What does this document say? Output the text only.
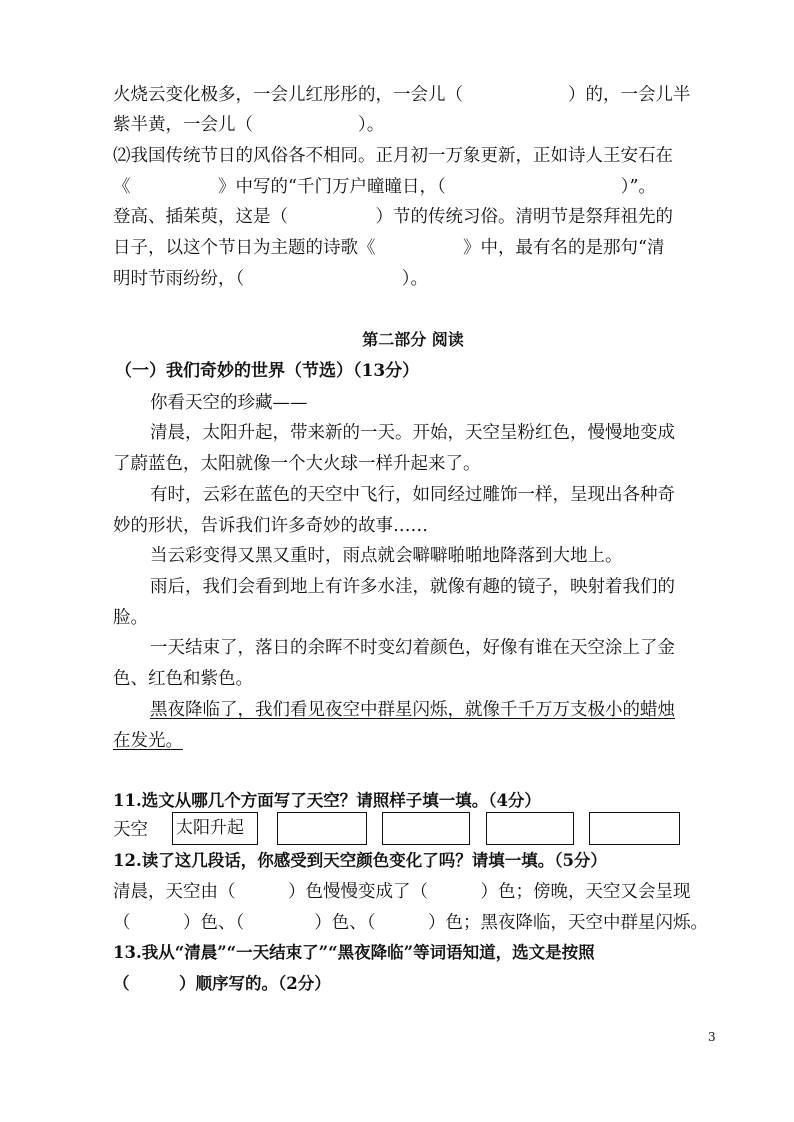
火烧云变化极多，一会儿红彤彤的，一会儿（　　　　　　）的，一会儿半
紫半黄，一会儿（　　　　　　）。
⑵我国传统节日的风俗各不相同。正月初一万象更新，正如诗人王安石在
《　　　　　》中写的“千门万户曈曈日，（　　　　　　　　　　）”。
登高、插茱萸，这是（　　　　　）节的传统习俗。清明节是祭拜祖先的
日子，以这个节日为主题的诗歌《　　　　　》中，最有名的是那句“清
明时节雨纷纷，（　　　　　　　　　）。
第二部分 阅读
（一）我们奇妙的世界（节选）（13分）
你看天空的珍藏——
清晨，太阳升起，带来新的一天。开始，天空呈粉红色，慢慢地变成
了蔚蓝色，太阳就像一个大火球一样升起来了。
有时，云彩在蓝色的天空中飞行，如同经过雕饰一样，呈现出各种奇
妙的形状，告诉我们许多奇妙的故事……
当云彩变得又黑又重时，雨点就会噼噼啪啪地降落到大地上。
雨后，我们会看到地上有许多水洼，就像有趣的镜子，映射着我们的
脸。
一天结束了，落日的余晖不时变幻着颜色，好像有谁在天空涂上了金
色、红色和紫色。
黑夜降临了，我们看见夜空中群星闪烁，就像千千万万支极小的蜡烛
在发光。
11.选文从哪几个方面写了天空？请照样子填一填。（4分）
天空	太阳升起
12.读了这几段话，你感受到天空颜色变化了吗？请填一填。（5分）
清晨，天空由（　　　）色慢慢变成了（　　　）色；傍晚，天空又会呈现
（　　　）色、（　　　　）色、（　　　）色；黑夜降临，天空中群星闪烁。
13.我从“清晨”“一天结束了”“黑夜降临”等词语知道，选文是按照
（　　　）顺序写的。（2分）
3
